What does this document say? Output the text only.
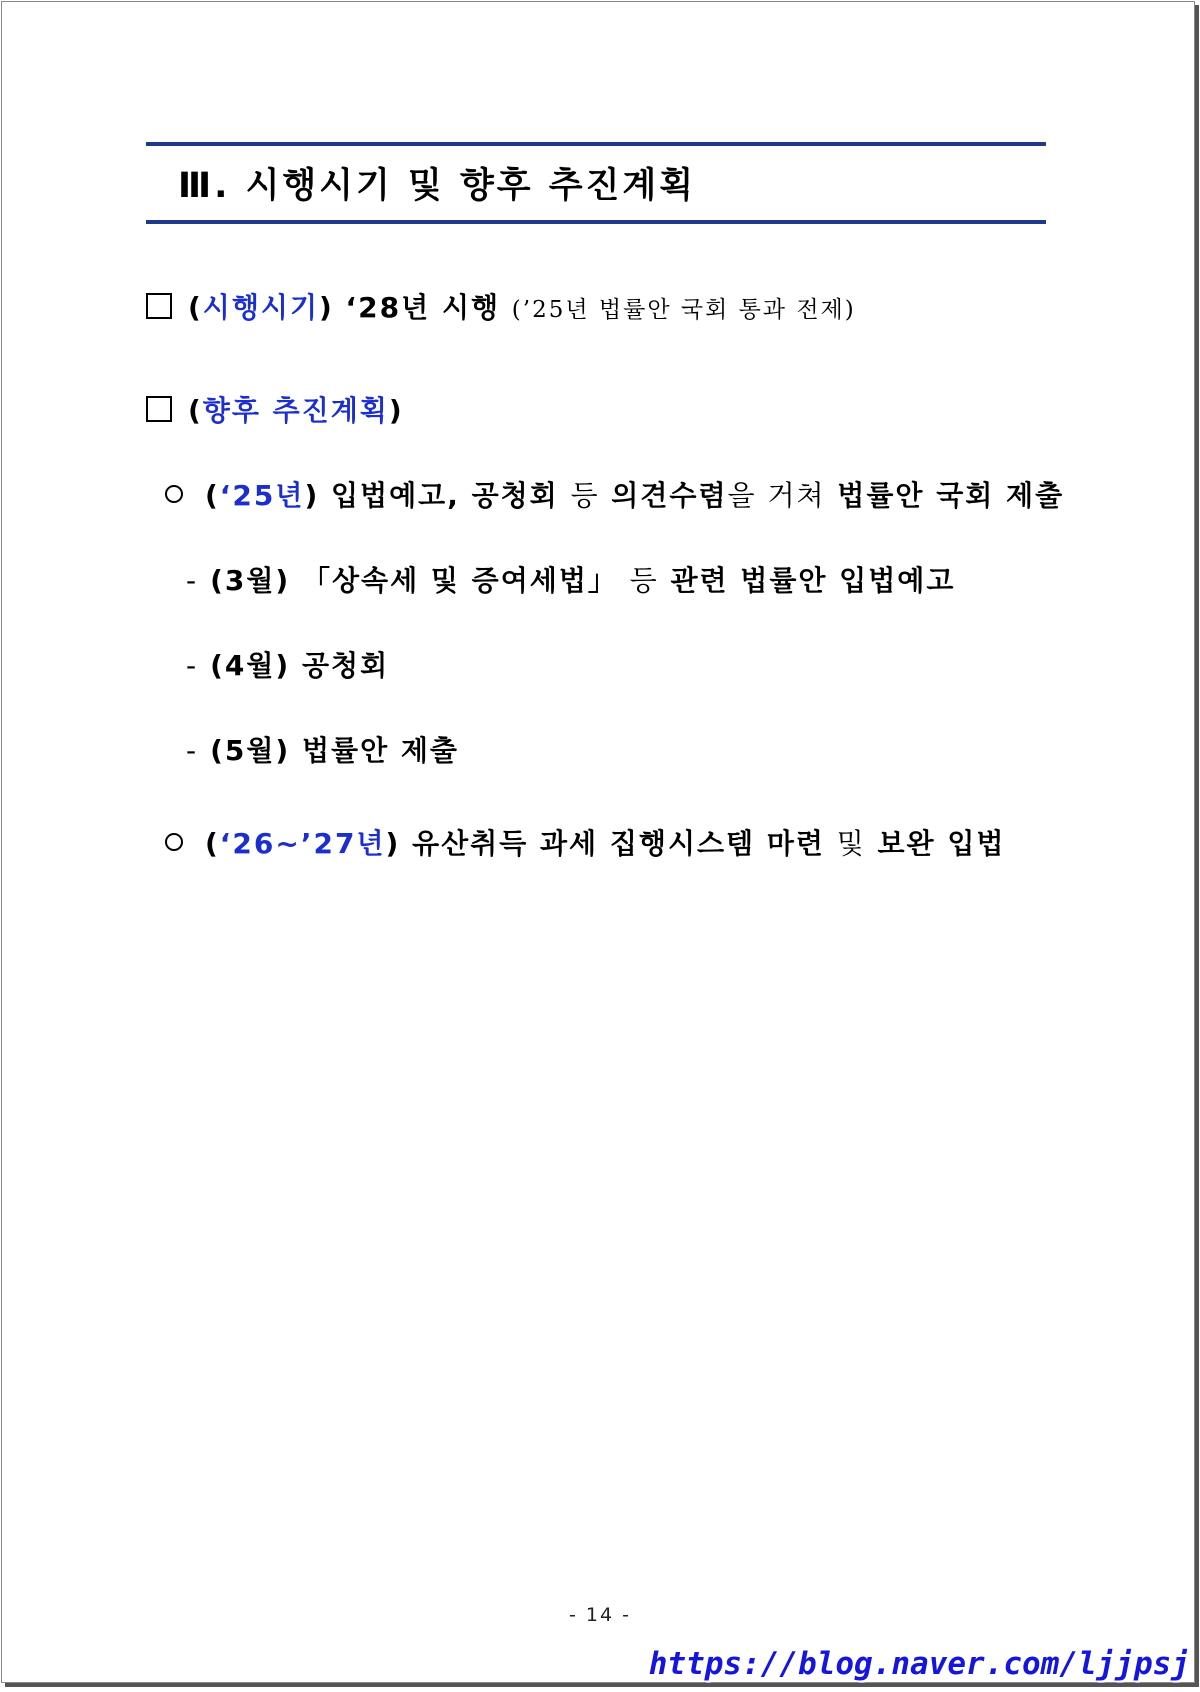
Ⅲ. 시행시기 및 향후 추진계획
(시행시기) ‘28년 시행 (’25년 법률안 국회 통과 전제)
(향후 추진계획)
(‘25년) 입법예고, 공청회 등 의견수렴을 거쳐 법률안 국회 제출
- (3월) 「상속세 및 증여세법」 등 관련 법률안 입법예고
- (4월) 공청회
- (5월) 법률안 제출
(‘26~’27년) 유산취득 과세 집행시스템 마련 및 보완 입법
- 14 -
https://blog.naver.com/ljjpsj
